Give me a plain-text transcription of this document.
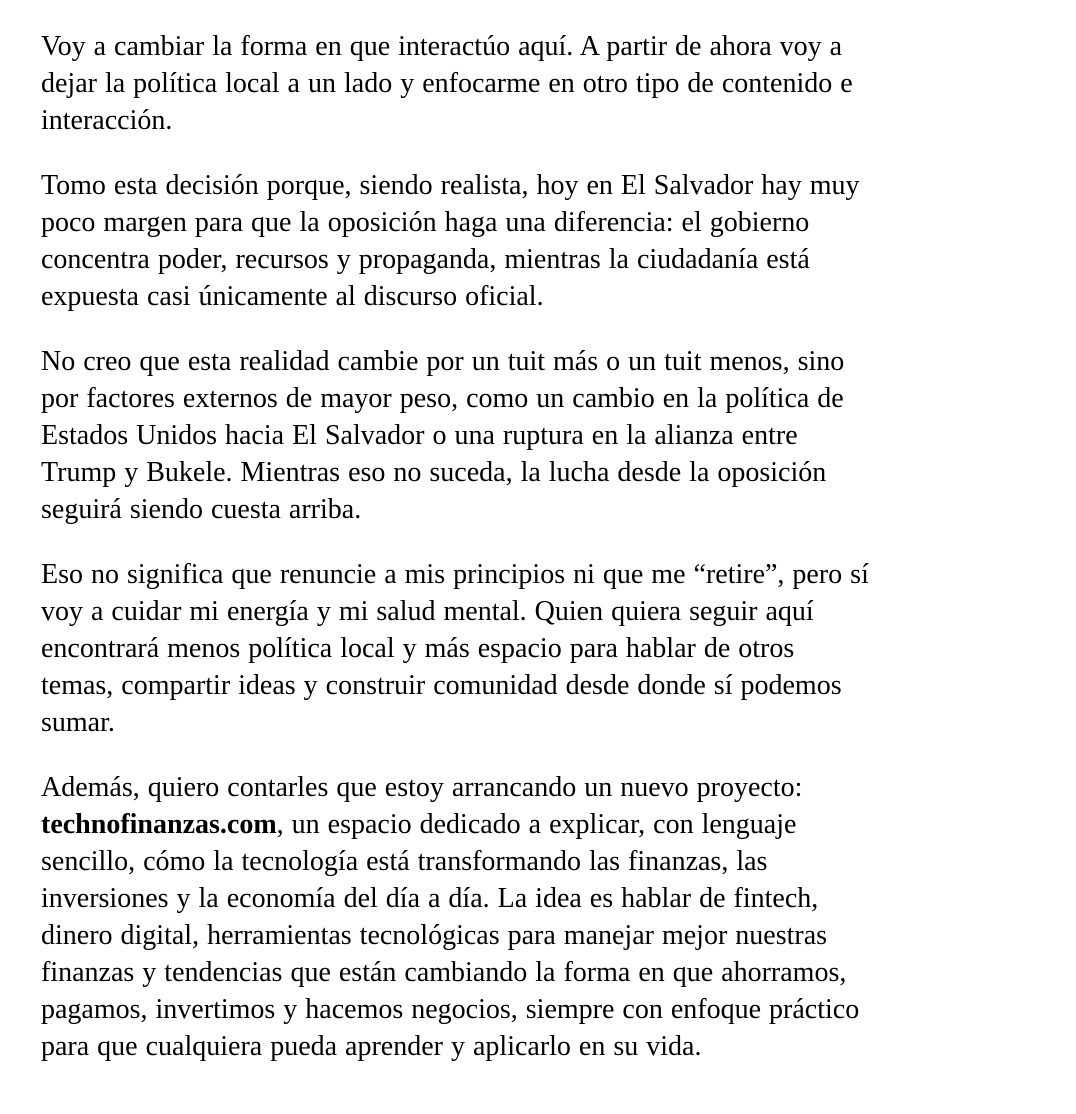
Voy a cambiar la forma en que interactúo aquí. A partir de ahora voy a
dejar la política local a un lado y enfocarme en otro tipo de contenido e
interacción.

Tomo esta decisión porque, siendo realista, hoy en El Salvador hay muy
poco margen para que la oposición haga una diferencia: el gobierno
concentra poder, recursos y propaganda, mientras la ciudadanía está
expuesta casi únicamente al discurso oficial.

No creo que esta realidad cambie por un tuit más o un tuit menos, sino
por factores externos de mayor peso, como un cambio en la política de
Estados Unidos hacia El Salvador o una ruptura en la alianza entre
Trump y Bukele. Mientras eso no suceda, la lucha desde la oposición
seguirá siendo cuesta arriba.

Eso no significa que renuncie a mis principios ni que me “retire”, pero sí
voy a cuidar mi energía y mi salud mental. Quien quiera seguir aquí
encontrará menos política local y más espacio para hablar de otros
temas, compartir ideas y construir comunidad desde donde sí podemos
sumar.

Además, quiero contarles que estoy arrancando un nuevo proyecto:
technofinanzas.com, un espacio dedicado a explicar, con lenguaje
sencillo, cómo la tecnología está transformando las finanzas, las
inversiones y la economía del día a día. La idea es hablar de fintech,
dinero digital, herramientas tecnológicas para manejar mejor nuestras
finanzas y tendencias que están cambiando la forma en que ahorramos,
pagamos, invertimos y hacemos negocios, siempre con enfoque práctico
para que cualquiera pueda aprender y aplicarlo en su vida.
